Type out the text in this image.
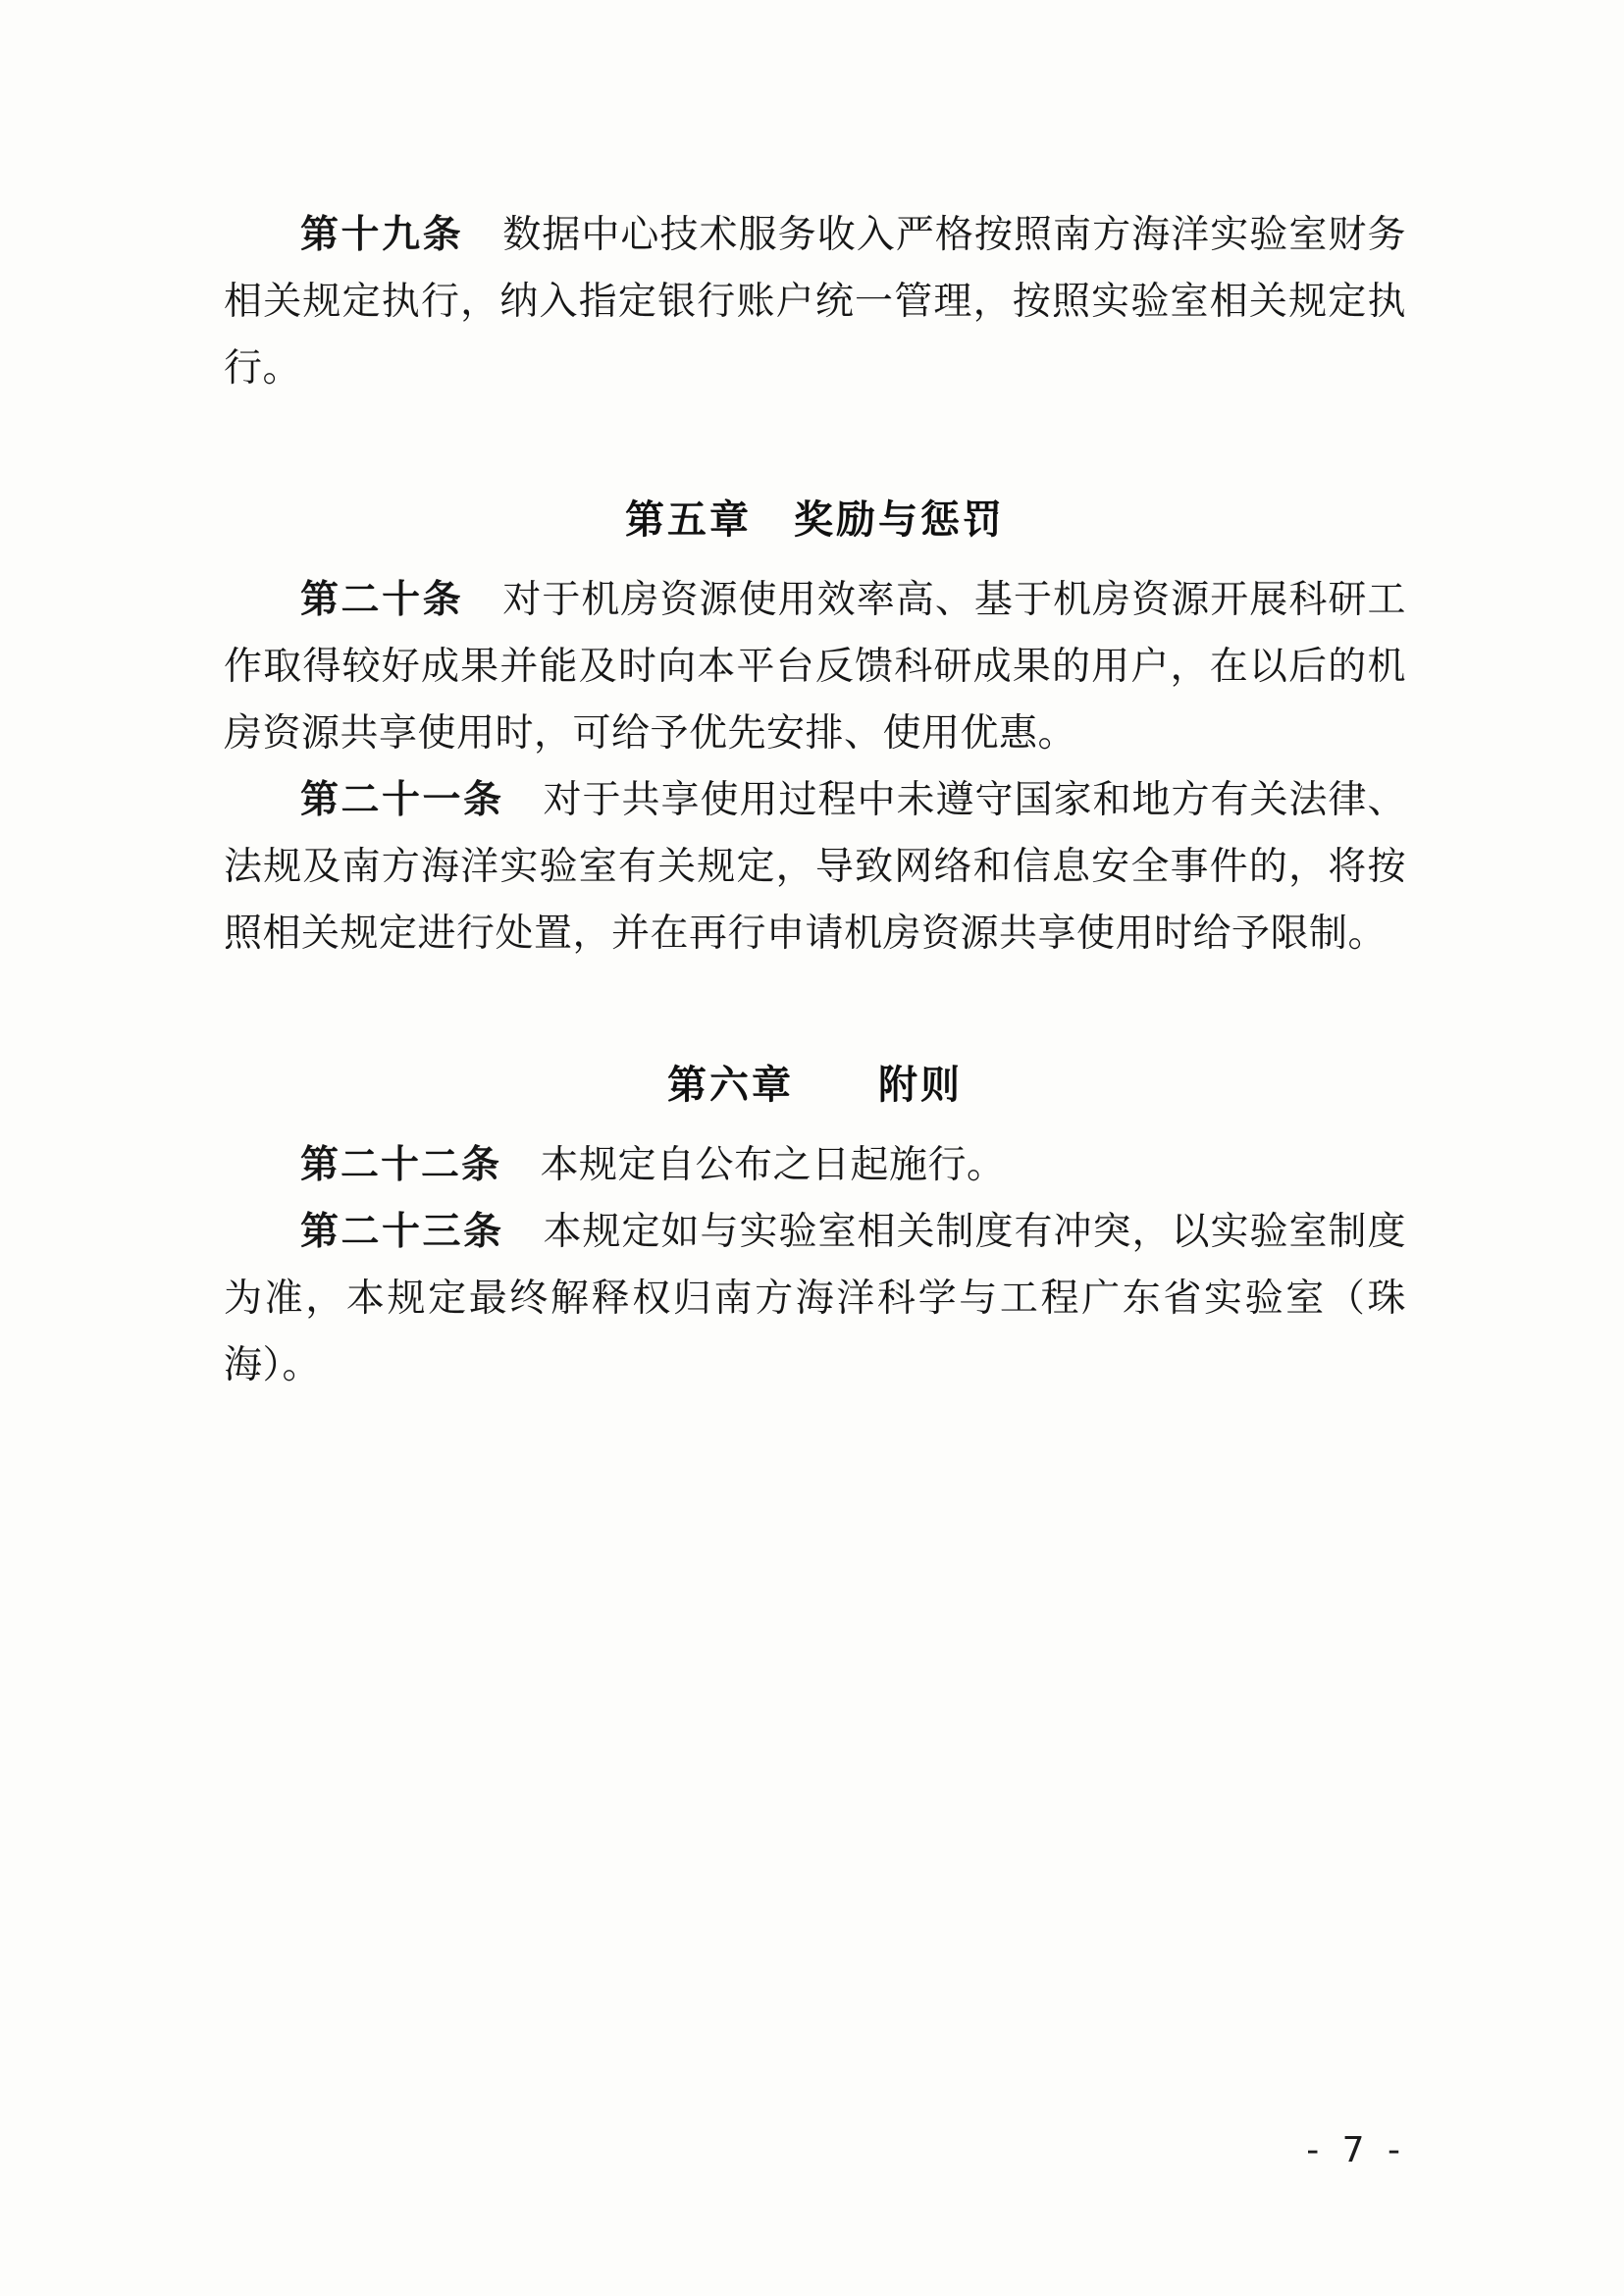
第十九条　数据中心技术服务收入严格按照南方海洋实验室财务相关规定执行，纳入指定银行账户统一管理，按照实验室相关规定执行。

第五章　奖励与惩罚

第二十条　对于机房资源使用效率高、基于机房资源开展科研工作取得较好成果并能及时向本平台反馈科研成果的用户，在以后的机房资源共享使用时，可给予优先安排、使用优惠。

第二十一条　对于共享使用过程中未遵守国家和地方有关法律、法规及南方海洋实验室有关规定，导致网络和信息安全事件的，将按照相关规定进行处置，并在再行申请机房资源共享使用时给予限制。

第六章　　附则

第二十二条　本规定自公布之日起施行。

第二十三条　本规定如与实验室相关制度有冲突，以实验室制度为准，本规定最终解释权归南方海洋科学与工程广东省实验室（珠海）。

- 7 -
